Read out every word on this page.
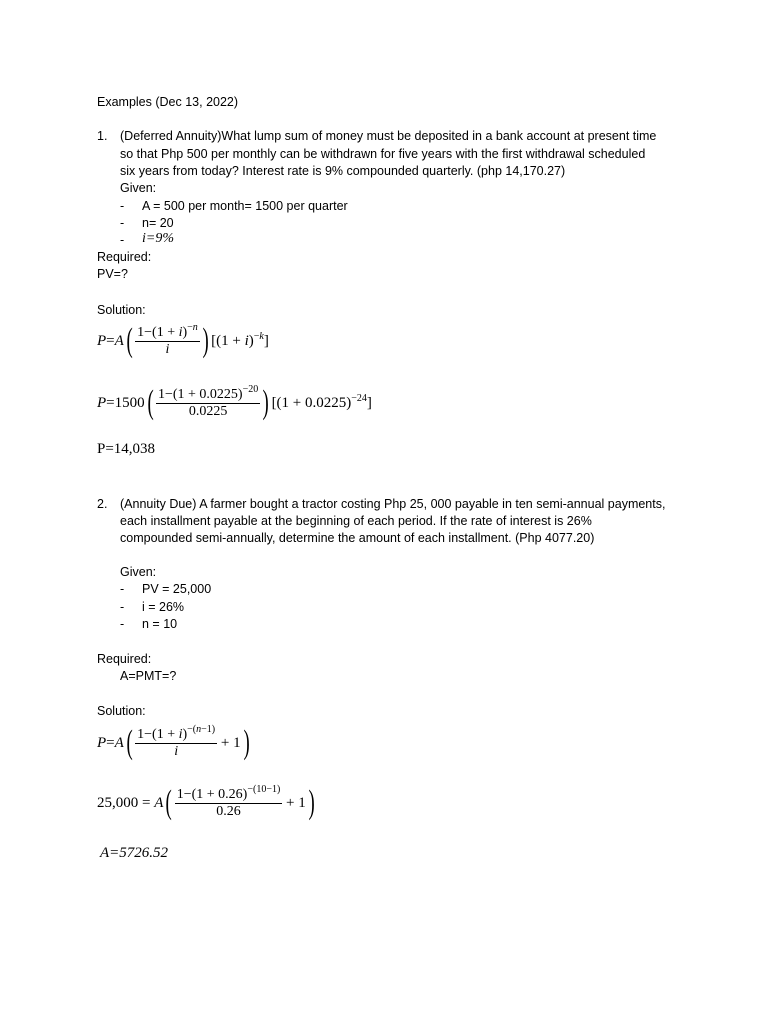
Examples (Dec 13, 2022)
1. (Deferred Annuity)What lump sum of money must be deposited in a bank account at present time
so that Php 500 per monthly can be withdrawn for five years with the first withdrawal scheduled
six years from today? Interest rate is 9% compounded quarterly. (php 14,170.27)
Given:
- A = 500 per month= 1500 per quarter
- n= 20
- i=9%
Required:
PV=?
Solution:
P = A ( $\frac{1-(1 + i)^{-n}}{i}$ ) $[(1 + i)^{-k}]$
P =1500 ( $\frac{1-(1 + 0.0225)^{-20}}{0.0225}$ ) $[(1 + 0.0225)^{-24}]$
P=14,038
2. (Annuity Due) A farmer bought a tractor costing Php 25, 000 payable in ten semi-annual payments,
each installment payable at the beginning of each period. If the rate of interest is 26%
compounded semi-annually, determine the amount of each installment. (Php 4077.20)
Given:
- PV = 25,000
- i = 26%
- n = 10
Required:
A=PMT=?
Solution:
P = A ( $\frac{1-(1 + i)^{-(n-1)}}{i} + 1$ )
25,000 = A ( $\frac{1-(1 + 0.26)^{-(10-1)}}{0.26} + 1$ )
A=5726.52
